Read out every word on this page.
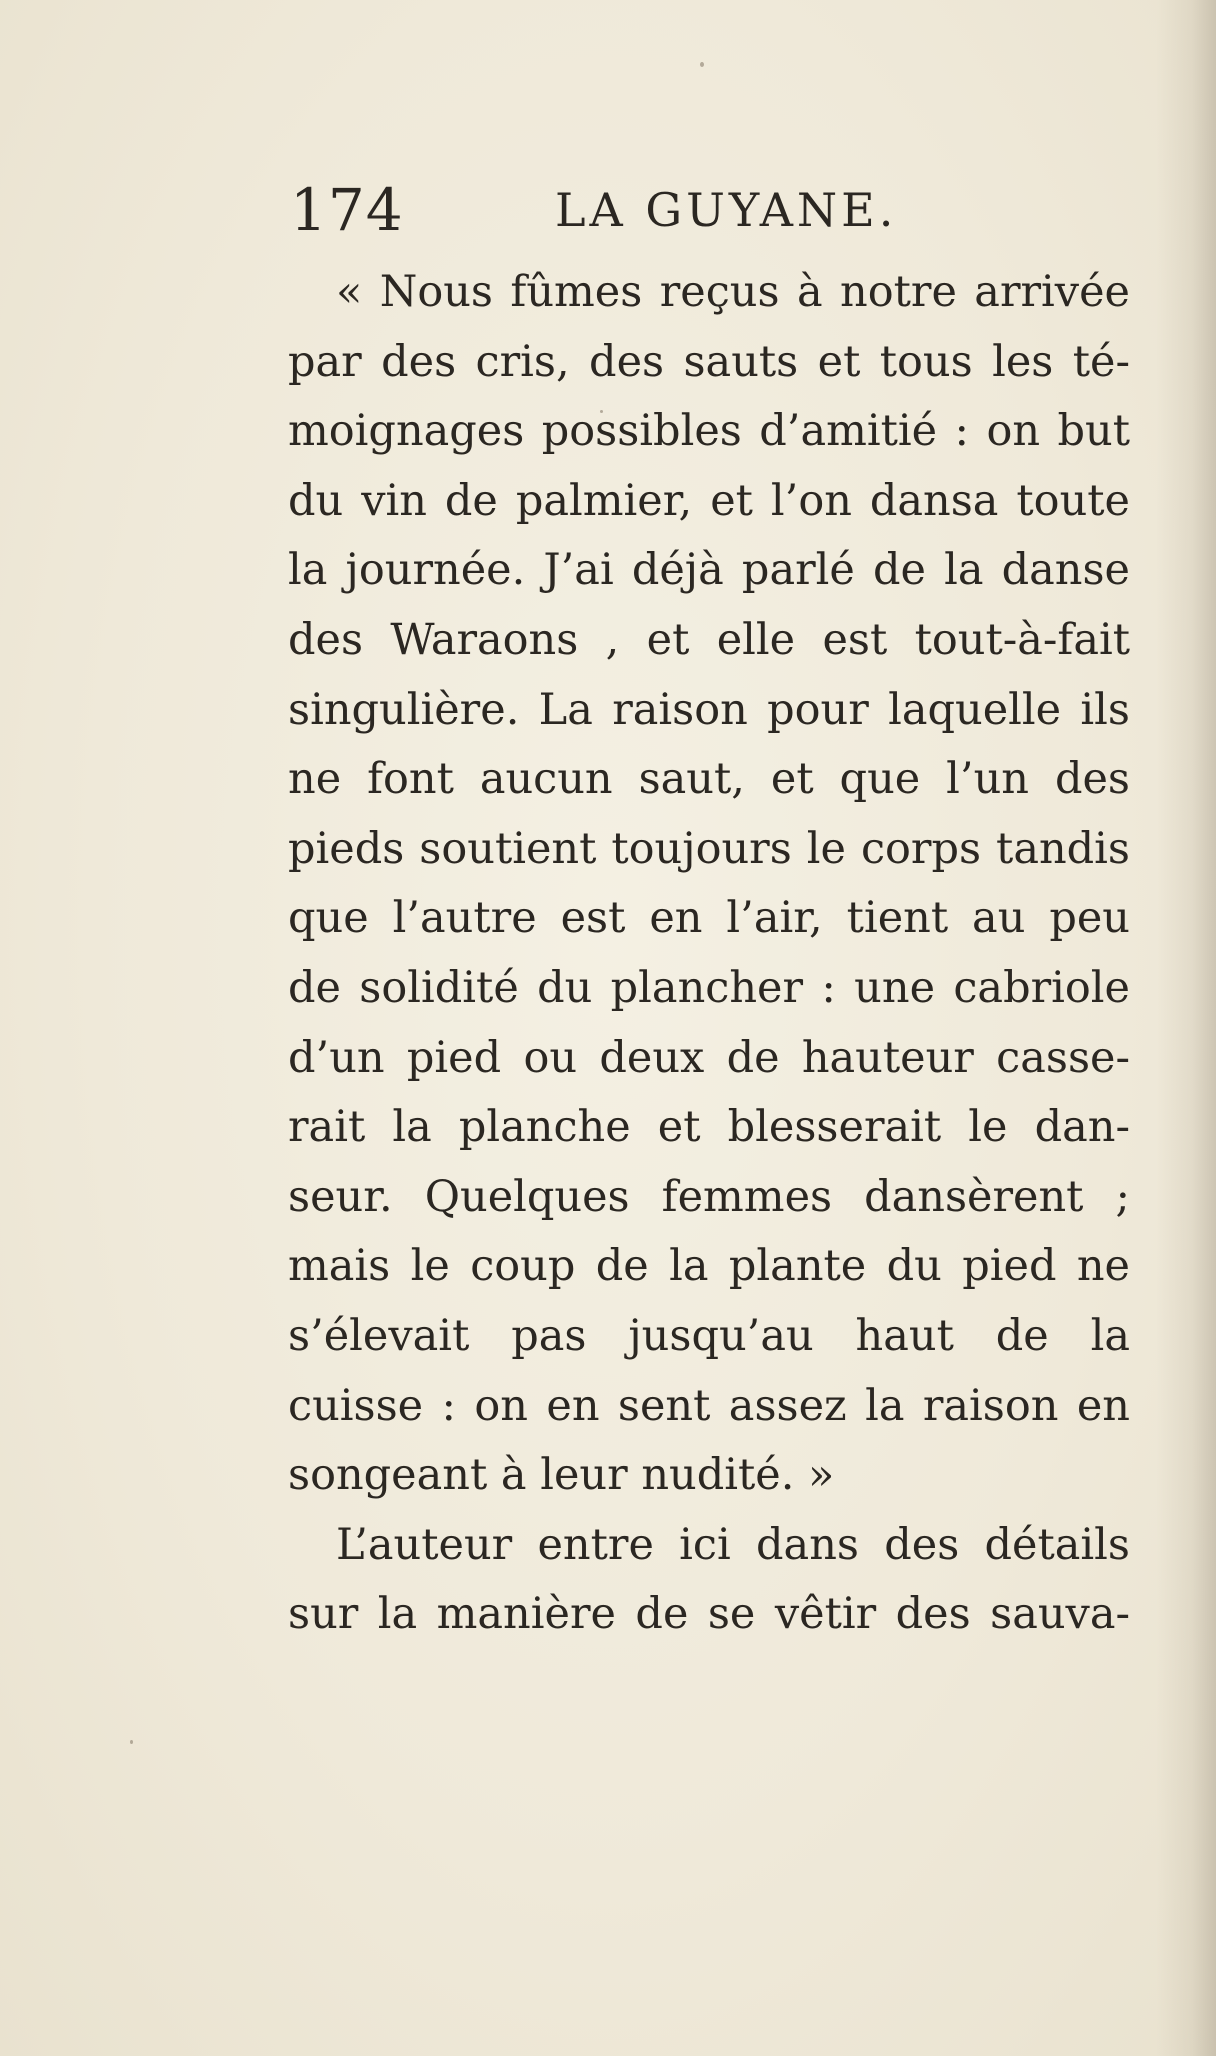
174	LA GUYANE.
« Nous fûmes reçus à notre arrivée
par des cris, des sauts et tous les té-
moignages possibles d’amitié : on but
du vin de palmier, et l’on dansa toute
la journée. J’ai déjà parlé de la danse
des Waraons , et elle est tout-à-fait
singulière. La raison pour laquelle ils
ne font aucun saut, et que l’un des
pieds soutient toujours le corps tandis
que l’autre est en l’air, tient au peu
de solidité du plancher : une cabriole
d’un pied ou deux de hauteur casse-
rait la planche et blesserait le dan-
seur. Quelques femmes dansèrent ;
mais le coup de la plante du pied ne
s’élevait pas jusqu’au haut de la
cuisse : on en sent assez la raison en
songeant à leur nudité. »
L’auteur entre ici dans des détails
sur la manière de se vêtir des sauva-
